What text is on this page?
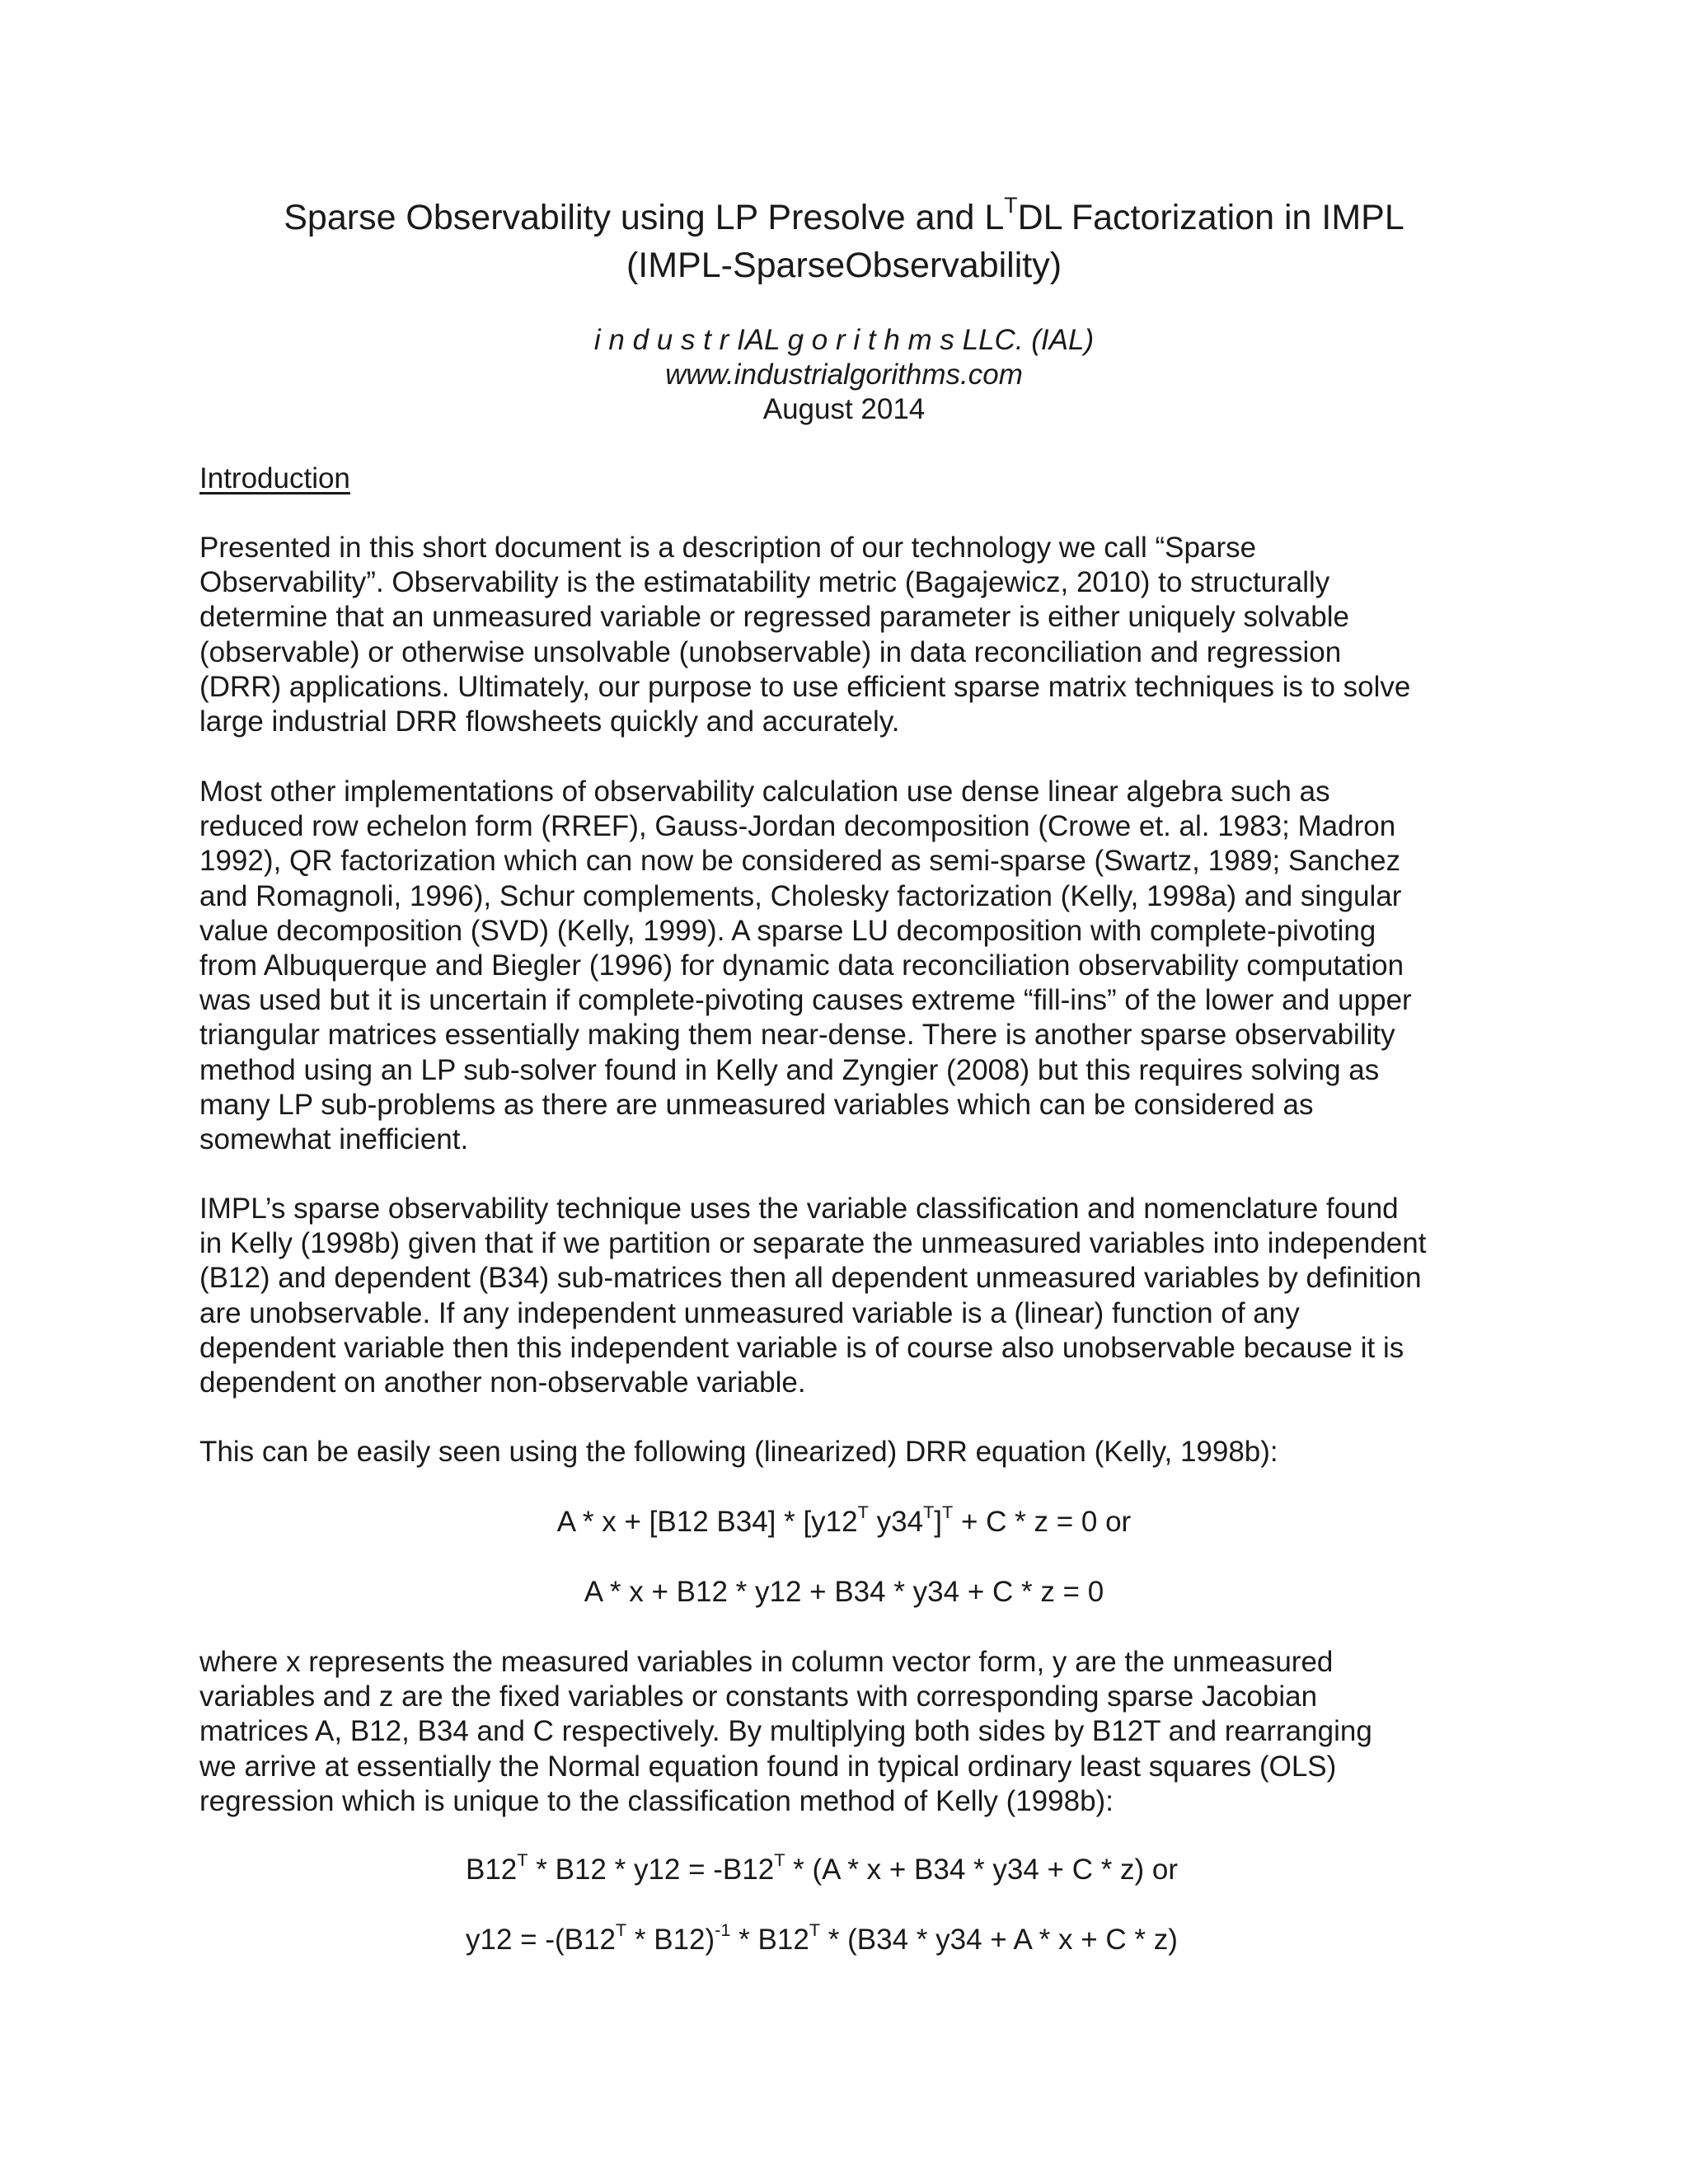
Sparse Observability using LP Presolve and $L^TDL$ Factorization in IMPL
(IMPL-SparseObservability)
i n d u s t r IAL g o r i t h m s LLC. (IAL)
www.industrialgorithms.com
August 2014
Introduction
Presented in this short document is a description of our technology we call “Sparse
Observability”. Observability is the estimatability metric (Bagajewicz, 2010) to structurally
determine that an unmeasured variable or regressed parameter is either uniquely solvable
(observable) or otherwise unsolvable (unobservable) in data reconciliation and regression
(DRR) applications. Ultimately, our purpose to use efficient sparse matrix techniques is to solve
large industrial DRR flowsheets quickly and accurately.
Most other implementations of observability calculation use dense linear algebra such as
reduced row echelon form (RREF), Gauss-Jordan decomposition (Crowe et. al. 1983; Madron
1992), QR factorization which can now be considered as semi-sparse (Swartz, 1989; Sanchez
and Romagnoli, 1996), Schur complements, Cholesky factorization (Kelly, 1998a) and singular
value decomposition (SVD) (Kelly, 1999). A sparse LU decomposition with complete-pivoting
from Albuquerque and Biegler (1996) for dynamic data reconciliation observability computation
was used but it is uncertain if complete-pivoting causes extreme “fill-ins” of the lower and upper
triangular matrices essentially making them near-dense. There is another sparse observability
method using an LP sub-solver found in Kelly and Zyngier (2008) but this requires solving as
many LP sub-problems as there are unmeasured variables which can be considered as
somewhat inefficient.
IMPL’s sparse observability technique uses the variable classification and nomenclature found
in Kelly (1998b) given that if we partition or separate the unmeasured variables into independent
(B12) and dependent (B34) sub-matrices then all dependent unmeasured variables by definition
are unobservable. If any independent unmeasured variable is a (linear) function of any
dependent variable then this independent variable is of course also unobservable because it is
dependent on another non-observable variable.
This can be easily seen using the following (linearized) DRR equation (Kelly, 1998b):
A * x + [B12 $B34] * [y12^T$ $y34^T]^T + C * z = 0$ or
A * x + B12 * y12 + B34 * y34 + C * z = 0
where x represents the measured variables in column vector form, y are the unmeasured
variables and z are the fixed variables or constants with corresponding sparse Jacobian
matrices A, B12, B34 and C respectively. By multiplying both sides by B12T and rearranging
we arrive at essentially the Normal equation found in typical ordinary least squares (OLS)
regression which is unique to the classification method of Kelly (1998b):
$B12^T * B12 * y12 = -B12^T * (A * x + B34 * y34 + C * z)$ or
$y12 = -(B12^T * B12)^{-1} * B12^T * (B34 * y34 + A * x + C * z)$
